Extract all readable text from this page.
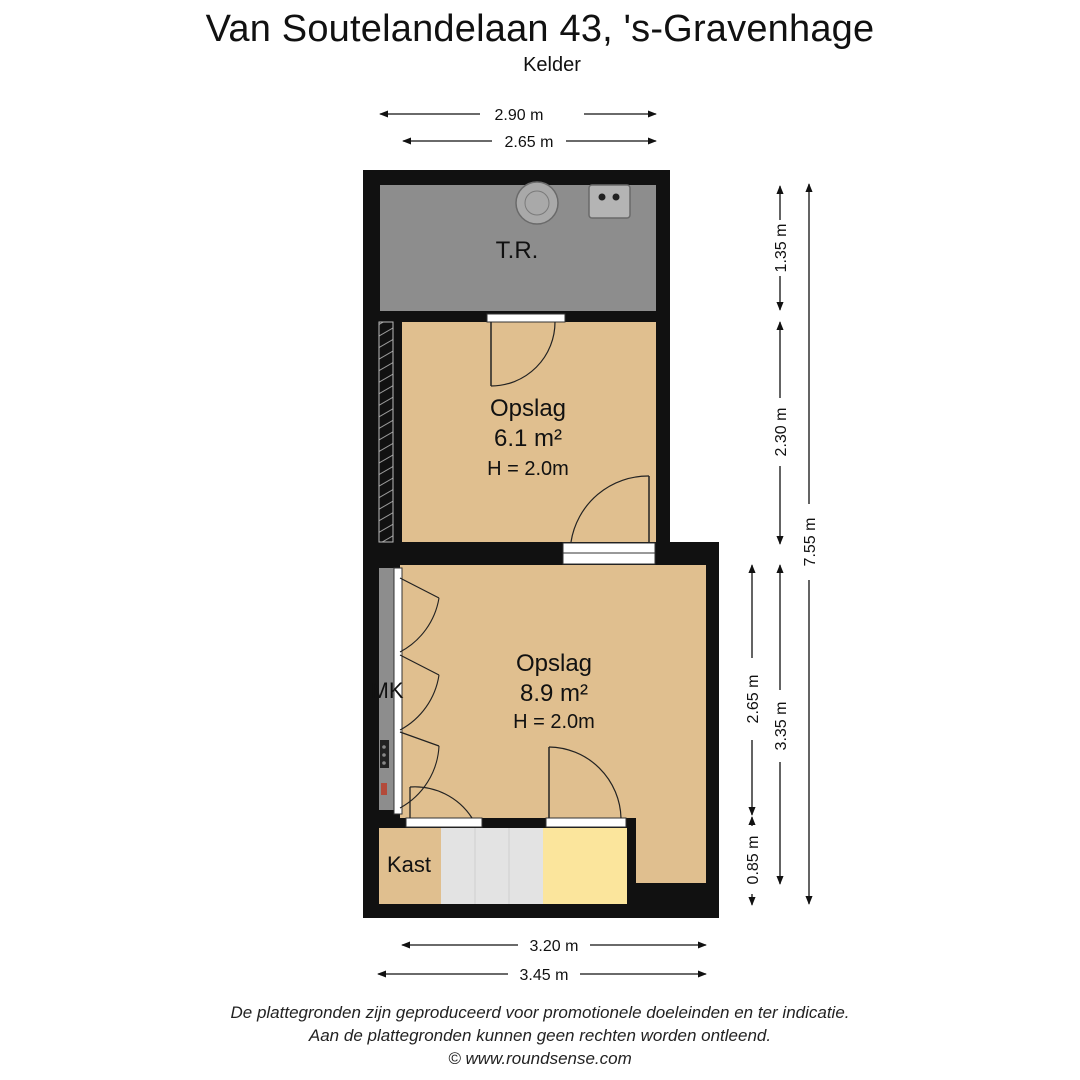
Van Soutelandelaan 43, 's-Gravenhage
Kelder
T.R.
Opslag
6.1 m²
H = 2.0m
Opslag
8.9 m²
H = 2.0m
MK
Kast
2.90 m
2.65 m
3.20 m
3.45 m
1.35 m
2.30 m
3.35 m
2.65 m
0.85 m
7.55 m
De plattegronden zijn geproduceerd voor promotionele doeleinden en ter indicatie.
Aan de plattegronden kunnen geen rechten worden ontleend.
© www.roundsense.com
